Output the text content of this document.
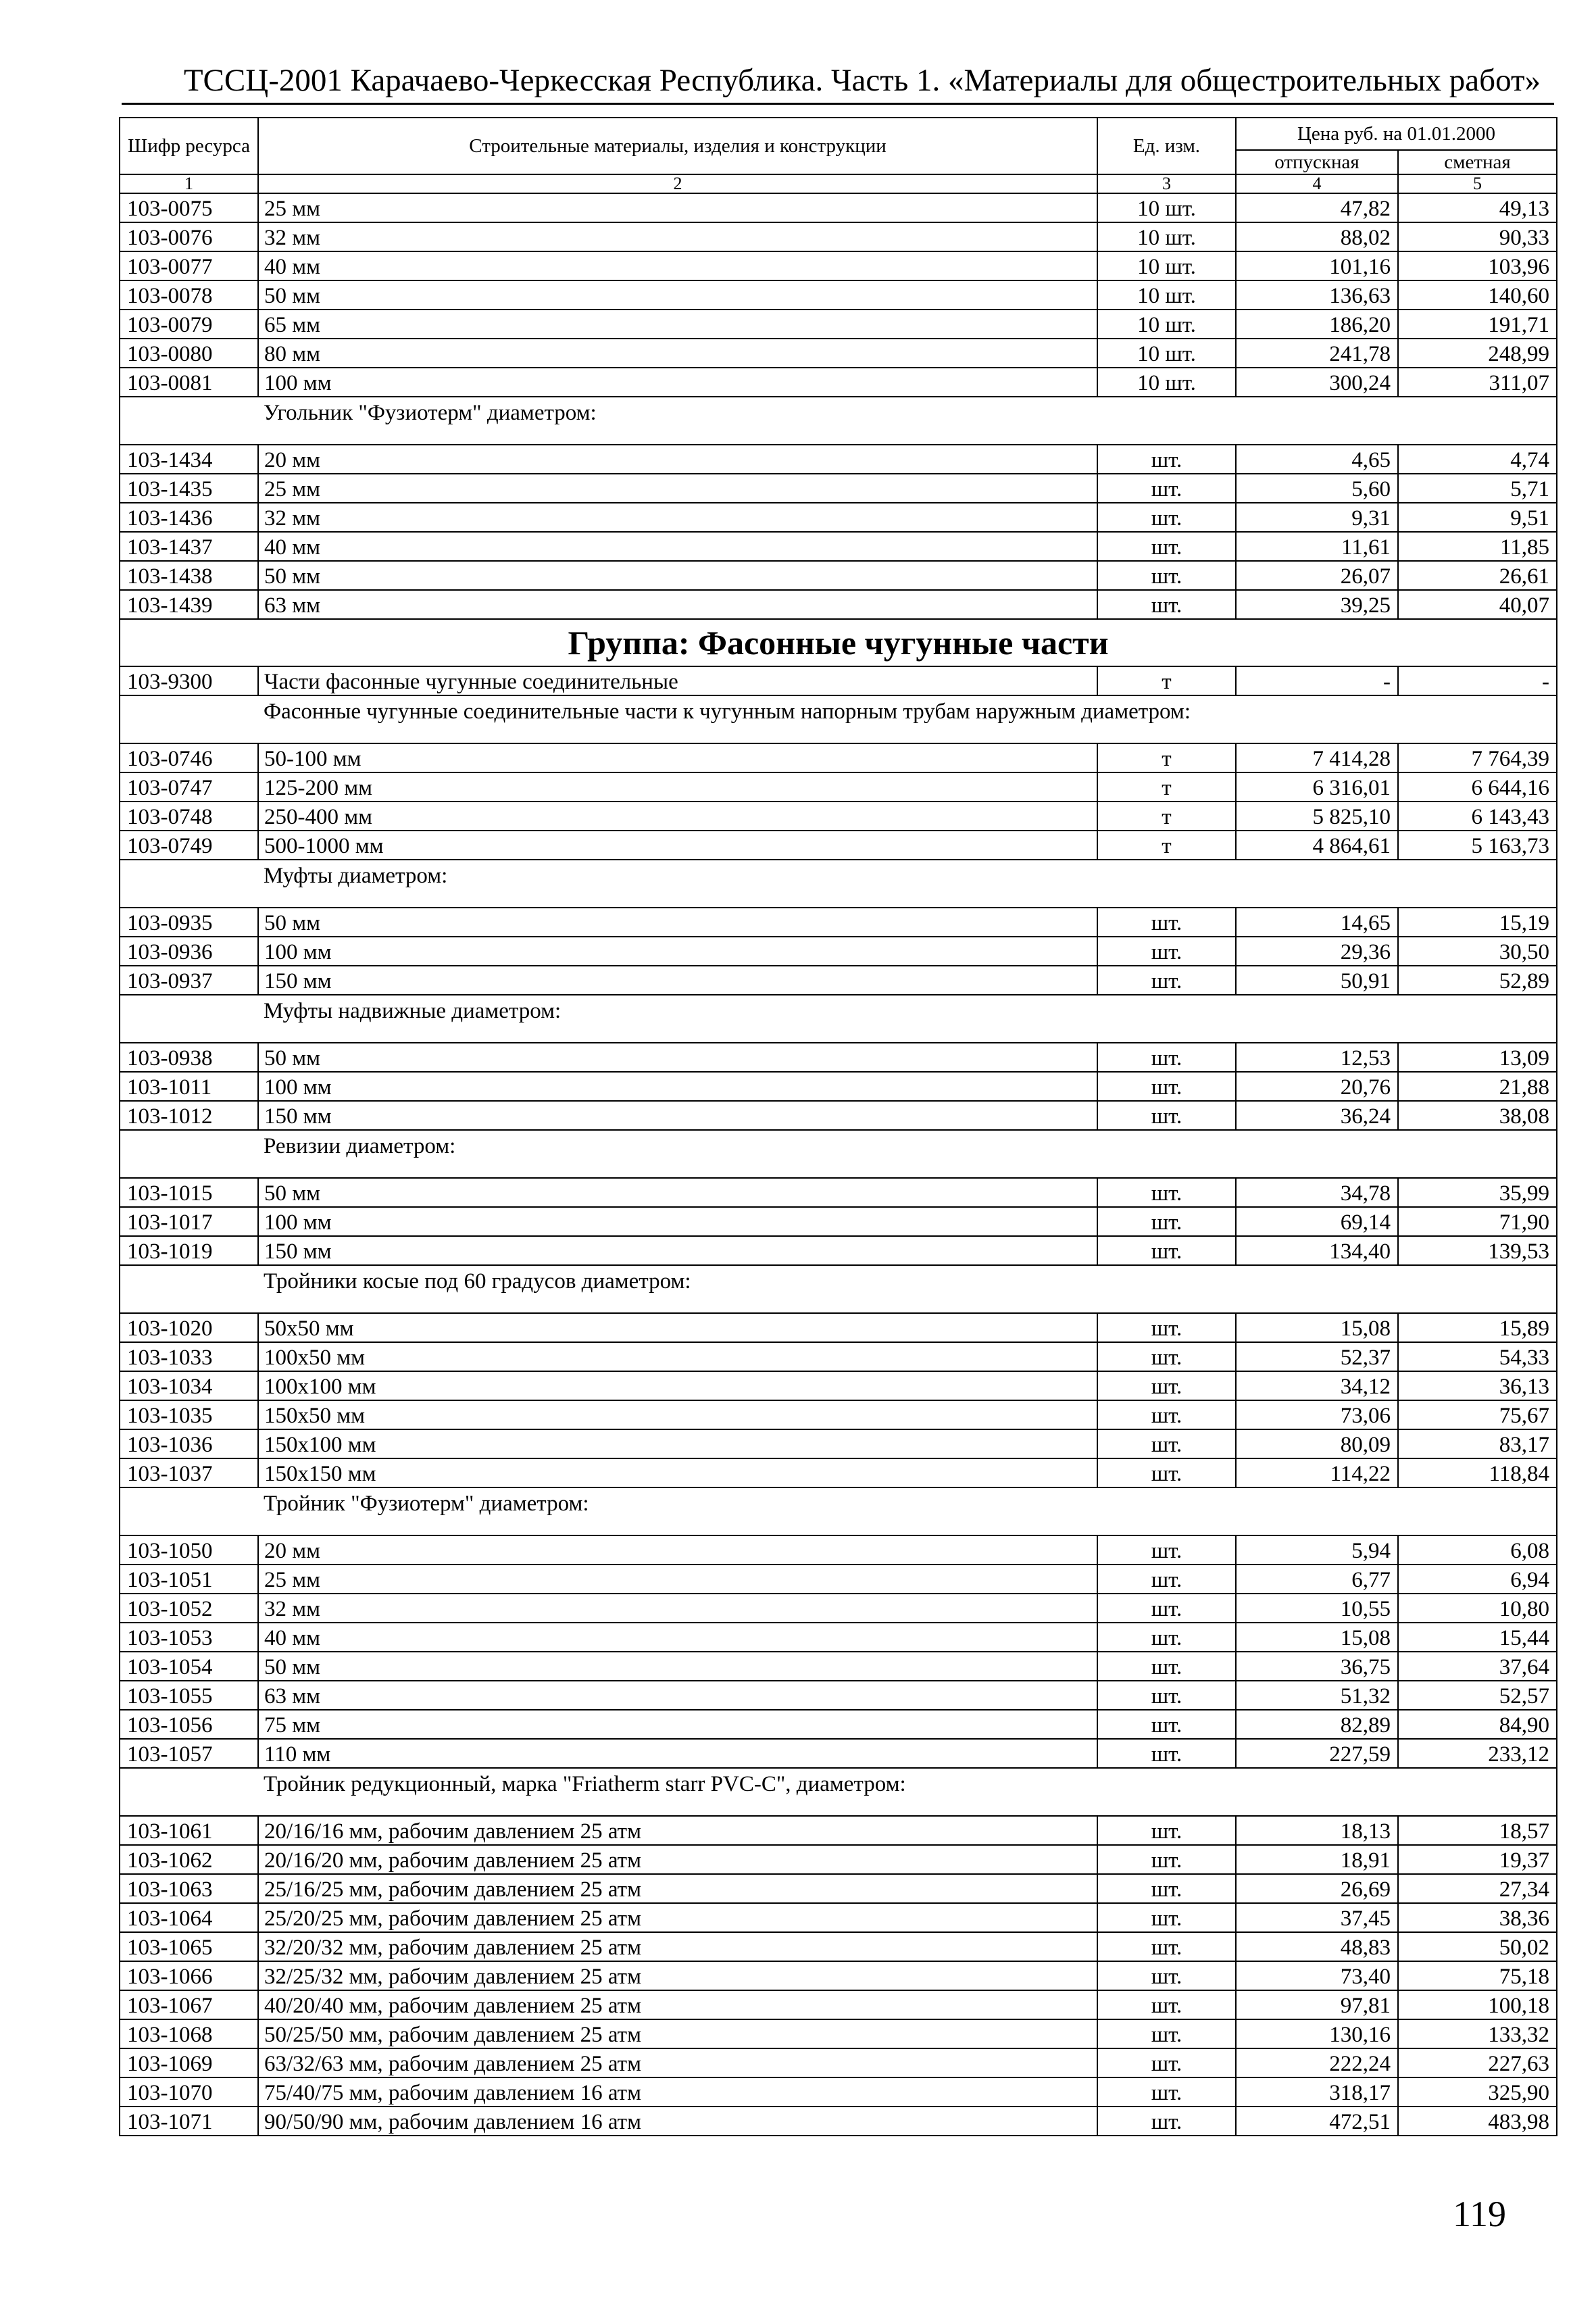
ТССЦ-2001 Карачаево-Черкесская Республика. Часть 1. «Материалы для общестроительных работ»
Шифр ресурса	Строительные материалы, изделия и конструкции	Ед. изм.	Цена руб. на 01.01.2000	
			отпускная	сметная
1	2	3	4	5
103-0075	25 мм	10 шт.	47,82	49,13
103-0076	32 мм	10 шт.	88,02	90,33
103-0077	40 мм	10 шт.	101,16	103,96
103-0078	50 мм	10 шт.	136,63	140,60
103-0079	65 мм	10 шт.	186,20	191,71
103-0080	80 мм	10 шт.	241,78	248,99
103-0081	100 мм	10 шт.	300,24	311,07
	Угольник "Фузиотерм" диаметром:			
103-1434	20 мм	шт.	4,65	4,74
103-1435	25 мм	шт.	5,60	5,71
103-1436	32 мм	шт.	9,31	9,51
103-1437	40 мм	шт.	11,61	11,85
103-1438	50 мм	шт.	26,07	26,61
103-1439	63 мм	шт.	39,25	40,07
Группа: Фасонные чугунные части				
103-9300	Части фасонные чугунные соединительные	т	-	-
	Фасонные чугунные соединительные части к чугунным напорным трубам наружным диаметром:			
103-0746	50-100 мм	т	7 414,28	7 764,39
103-0747	125-200 мм	т	6 316,01	6 644,16
103-0748	250-400 мм	т	5 825,10	6 143,43
103-0749	500-1000 мм	т	4 864,61	5 163,73
	Муфты диаметром:			
103-0935	50 мм	шт.	14,65	15,19
103-0936	100 мм	шт.	29,36	30,50
103-0937	150 мм	шт.	50,91	52,89
	Муфты надвижные диаметром:			
103-0938	50 мм	шт.	12,53	13,09
103-1011	100 мм	шт.	20,76	21,88
103-1012	150 мм	шт.	36,24	38,08
	Ревизии диаметром:			
103-1015	50 мм	шт.	34,78	35,99
103-1017	100 мм	шт.	69,14	71,90
103-1019	150 мм	шт.	134,40	139,53
	Тройники косые под 60 градусов диаметром:			
103-1020	50x50 мм	шт.	15,08	15,89
103-1033	100x50 мм	шт.	52,37	54,33
103-1034	100x100 мм	шт.	34,12	36,13
103-1035	150x50 мм	шт.	73,06	75,67
103-1036	150x100 мм	шт.	80,09	83,17
103-1037	150x150 мм	шт.	114,22	118,84
	Тройник "Фузиотерм" диаметром:			
103-1050	20 мм	шт.	5,94	6,08
103-1051	25 мм	шт.	6,77	6,94
103-1052	32 мм	шт.	10,55	10,80
103-1053	40 мм	шт.	15,08	15,44
103-1054	50 мм	шт.	36,75	37,64
103-1055	63 мм	шт.	51,32	52,57
103-1056	75 мм	шт.	82,89	84,90
103-1057	110 мм	шт.	227,59	233,12
	Тройник редукционный, марка "Friatherm starr PVC-C", диаметром:			
103-1061	20/16/16 мм, рабочим давлением 25 атм	шт.	18,13	18,57
103-1062	20/16/20 мм, рабочим давлением 25 атм	шт.	18,91	19,37
103-1063	25/16/25 мм, рабочим давлением 25 атм	шт.	26,69	27,34
103-1064	25/20/25 мм, рабочим давлением 25 атм	шт.	37,45	38,36
103-1065	32/20/32 мм, рабочим давлением 25 атм	шт.	48,83	50,02
103-1066	32/25/32 мм, рабочим давлением 25 атм	шт.	73,40	75,18
103-1067	40/20/40 мм, рабочим давлением 25 атм	шт.	97,81	100,18
103-1068	50/25/50 мм, рабочим давлением 25 атм	шт.	130,16	133,32
103-1069	63/32/63 мм, рабочим давлением 25 атм	шт.	222,24	227,63
103-1070	75/40/75 мм, рабочим давлением 16 атм	шт.	318,17	325,90
103-1071	90/50/90 мм, рабочим давлением 16 атм	шт.	472,51	483,98
119
